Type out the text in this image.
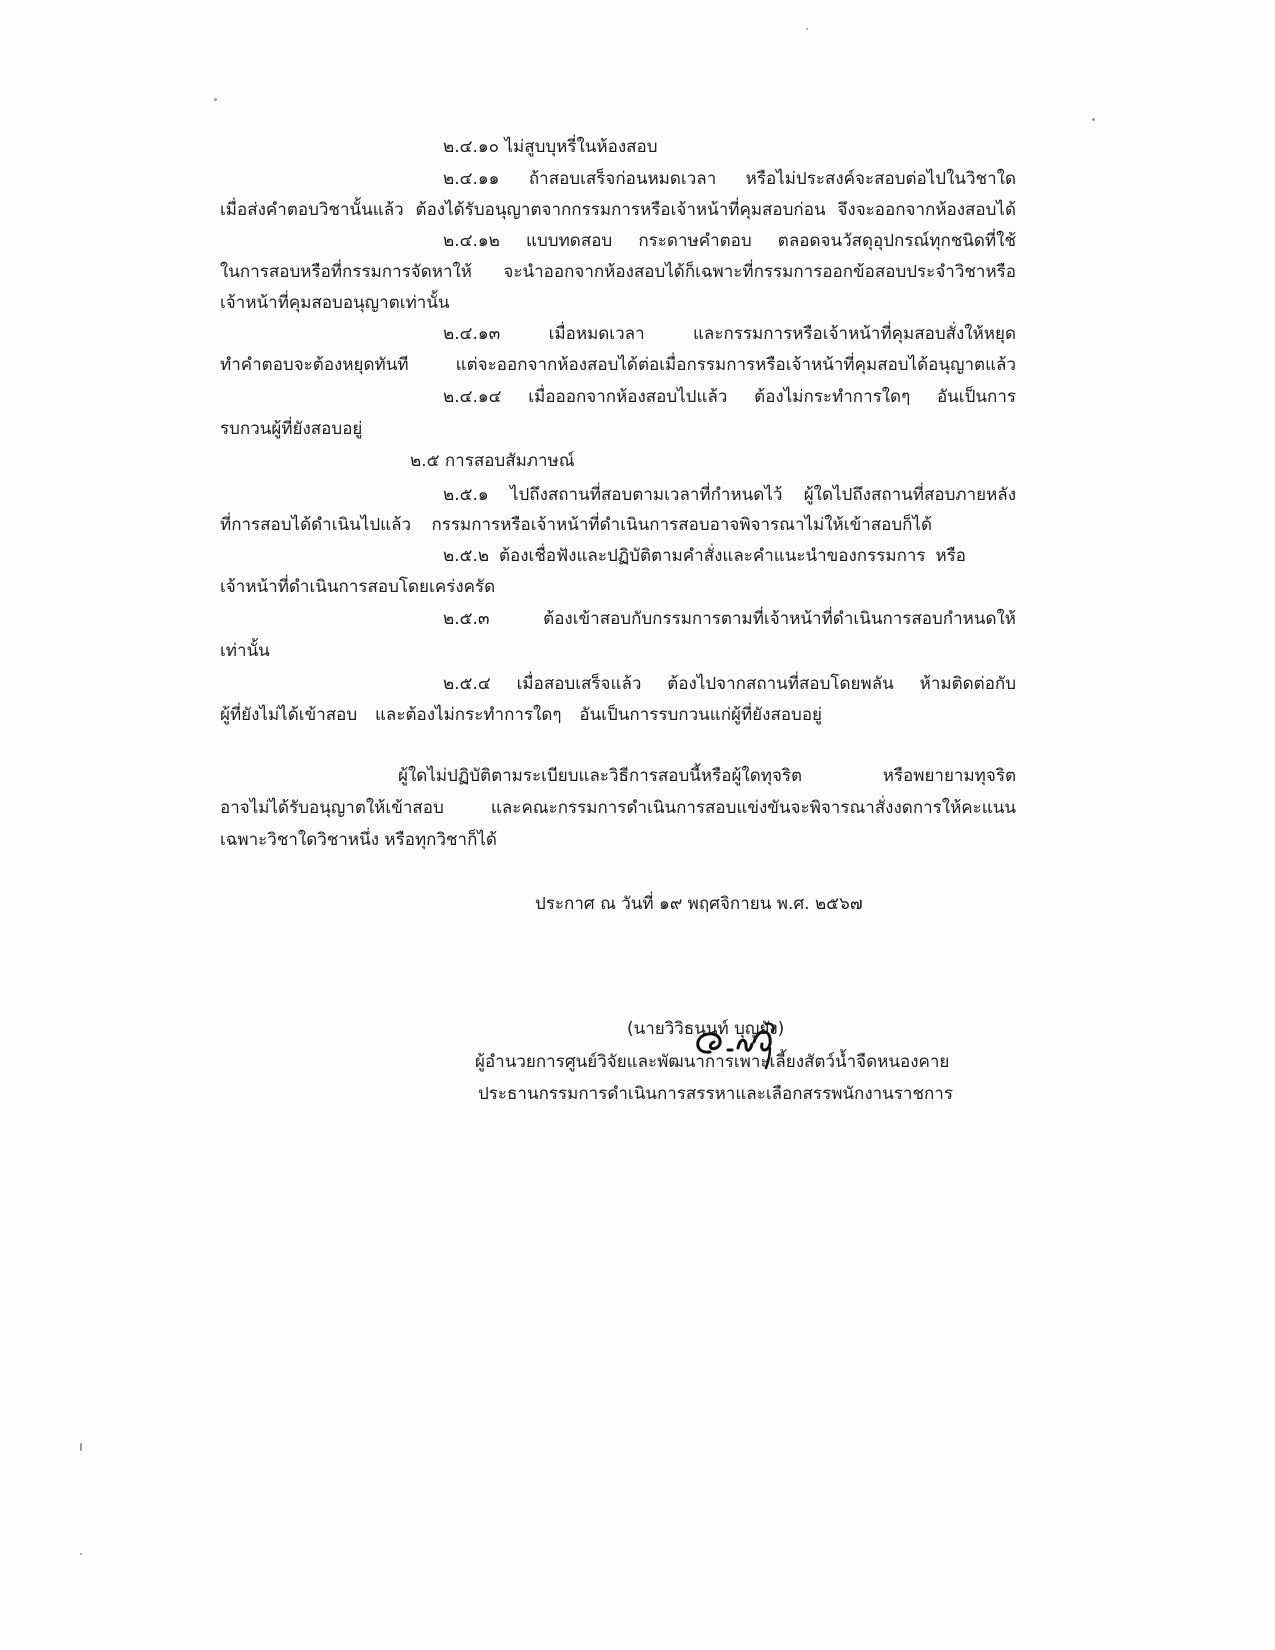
๒.๔.๑๐ ไม่สูบบุหรี่ในห้องสอบ
๒.๔.๑๑ ถ้าสอบเสร็จก่อนหมดเวลา หรือไม่ประสงค์จะสอบต่อไปในวิชาใด
เมื่อส่งคำตอบวิชานั้นแล้ว ต้องได้รับอนุญาตจากกรรมการหรือเจ้าหน้าที่คุมสอบก่อน จึงจะออกจากห้องสอบได้
๒.๔.๑๒ แบบทดสอบ กระดาษคำตอบ ตลอดจนวัสดุอุปกรณ์ทุกชนิดที่ใช้
ในการสอบหรือที่กรรมการจัดหาให้ จะนำออกจากห้องสอบได้ก็เฉพาะที่กรรมการออกข้อสอบประจำวิชาหรือ
เจ้าหน้าที่คุมสอบอนุญาตเท่านั้น
๒.๔.๑๓ เมื่อหมดเวลา และกรรมการหรือเจ้าหน้าที่คุมสอบสั่งให้หยุด
ทำคำตอบจะต้องหยุดทันที แต่จะออกจากห้องสอบได้ต่อเมื่อกรรมการหรือเจ้าหน้าที่คุมสอบได้อนุญาตแล้ว
๒.๔.๑๔ เมื่อออกจากห้องสอบไปแล้ว ต้องไม่กระทำการใดๆ อันเป็นการ
รบกวนผู้ที่ยังสอบอยู่
๒.๕ การสอบสัมภาษณ์
๒.๕.๑ ไปถึงสถานที่สอบตามเวลาที่กำหนดไว้ ผู้ใดไปถึงสถานที่สอบภายหลัง
ที่การสอบได้ดำเนินไปแล้ว กรรมการหรือเจ้าหน้าที่ดำเนินการสอบอาจพิจารณาไม่ให้เข้าสอบก็ได้
๒.๕.๒ ต้องเชื่อฟังและปฏิบัติตามคำสั่งและคำแนะนำของกรรมการ หรือ
เจ้าหน้าที่ดำเนินการสอบโดยเคร่งครัด
๒.๕.๓ ต้องเข้าสอบกับกรรมการตามที่เจ้าหน้าที่ดำเนินการสอบกำหนดให้
เท่านั้น
๒.๕.๔ เมื่อสอบเสร็จแล้ว ต้องไปจากสถานที่สอบโดยพลัน ห้ามติดต่อกับ
ผู้ที่ยังไม่ได้เข้าสอบ และต้องไม่กระทำการใดๆ อันเป็นการรบกวนแก่ผู้ที่ยังสอบอยู่
ผู้ใดไม่ปฏิบัติตามระเบียบและวิธีการสอบนี้หรือผู้ใดทุจริต หรือพยายามทุจริต
อาจไม่ได้รับอนุญาตให้เข้าสอบ และคณะกรรมการดำเนินการสอบแข่งขันจะพิจารณาสั่งงดการให้คะแนน
เฉพาะวิชาใดวิชาหนึ่ง หรือทุกวิชาก็ได้
ประกาศ ณ วันที่ ๑๙ พฤศจิกายน พ.ศ. ๒๕๖๗
(นายวิวิธนนท์ บุญยัง)
ผู้อำนวยการศูนย์วิจัยและพัฒนาการเพาะเลี้ยงสัตว์น้ำจืดหนองคาย
ประธานกรรมการดำเนินการสรรหาและเลือกสรรพนักงานราชการ
